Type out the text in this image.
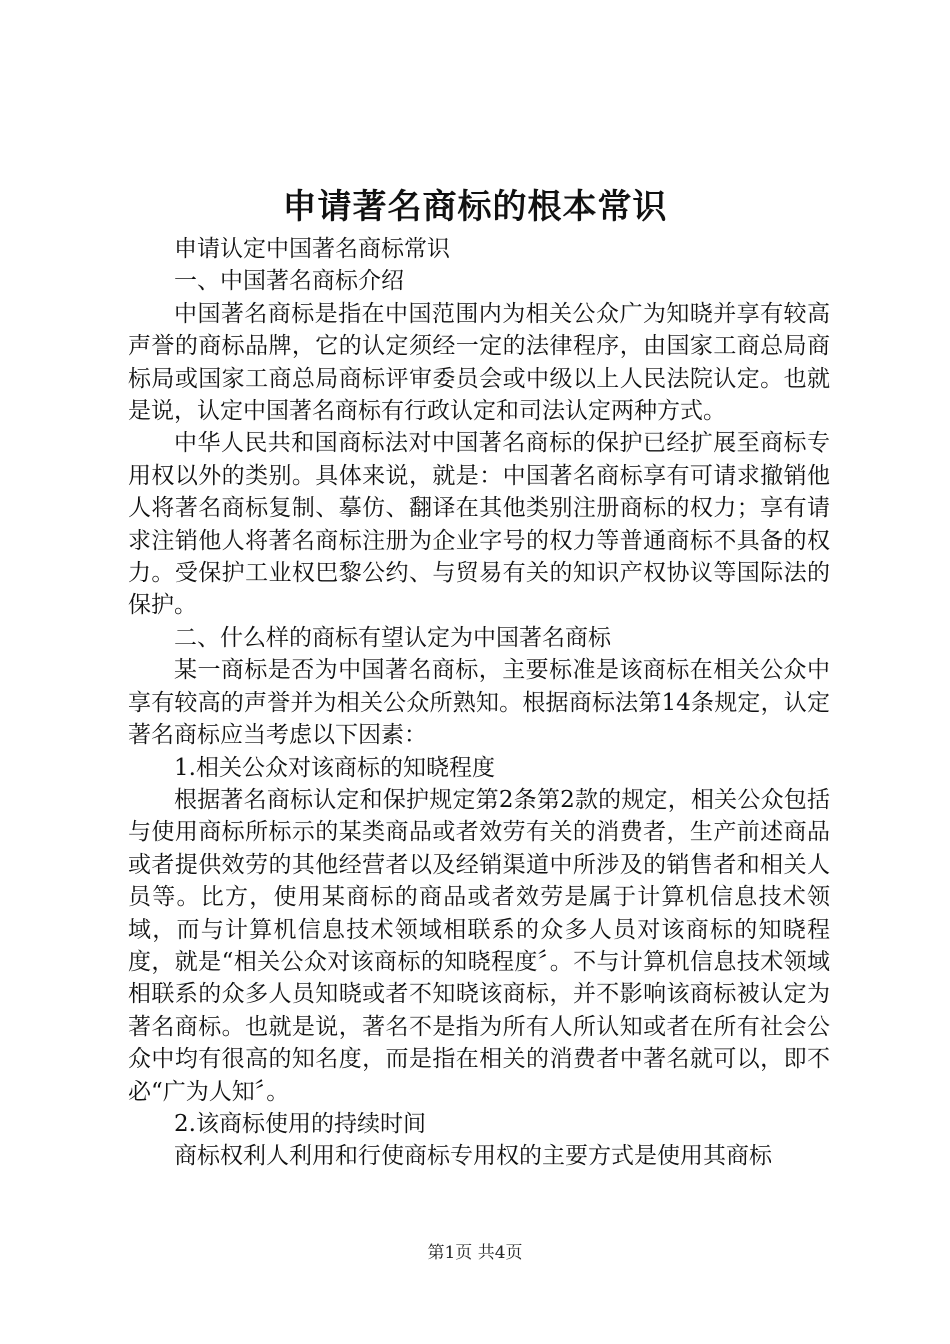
申请著名商标的根本常识

申请认定中国著名商标常识

一、中国著名商标介绍

中国著名商标是指在中国范围内为相关公众广为知晓并享有较高声誉的商标品牌，它的认定须经一定的法律程序，由国家工商总局商标局或国家工商总局商标评审委员会或中级以上人民法院认定。也就是说，认定中国著名商标有行政认定和司法认定两种方式。

中华人民共和国商标法对中国著名商标的保护已经扩展至商标专用权以外的类别。具体来说，就是：中国著名商标享有可请求撤销他人将著名商标复制、摹仿、翻译在其他类别注册商标的权力；享有请求注销他人将著名商标注册为企业字号的权力等普通商标不具备的权力。受保护工业权巴黎公约、与贸易有关的知识产权协议等国际法的保护。

二、什么样的商标有望认定为中国著名商标

某一商标是否为中国著名商标，主要标准是该商标在相关公众中享有较高的声誉并为相关公众所熟知。根据商标法第14条规定，认定著名商标应当考虑以下因素：

1.相关公众对该商标的知晓程度

根据著名商标认定和保护规定第2条第2款的规定，相关公众包括与使用商标所标示的某类商品或者效劳有关的消费者，生产前述商品或者提供效劳的其他经营者以及经销渠道中所涉及的销售者和相关人员等。比方，使用某商标的商品或者效劳是属于计算机信息技术领域，而与计算机信息技术领域相联系的众多人员对该商标的知晓程度，就是“相关公众对该商标的知晓程度〞。不与计算机信息技术领域相联系的众多人员知晓或者不知晓该商标，并不影响该商标被认定为著名商标。也就是说，著名不是指为所有人所认知或者在所有社会公众中均有很高的知名度，而是指在相关的消费者中著名就可以，即不必“广为人知〞。

2.该商标使用的持续时间

商标权利人利用和行使商标专用权的主要方式是使用其商标

第1页 共4页
